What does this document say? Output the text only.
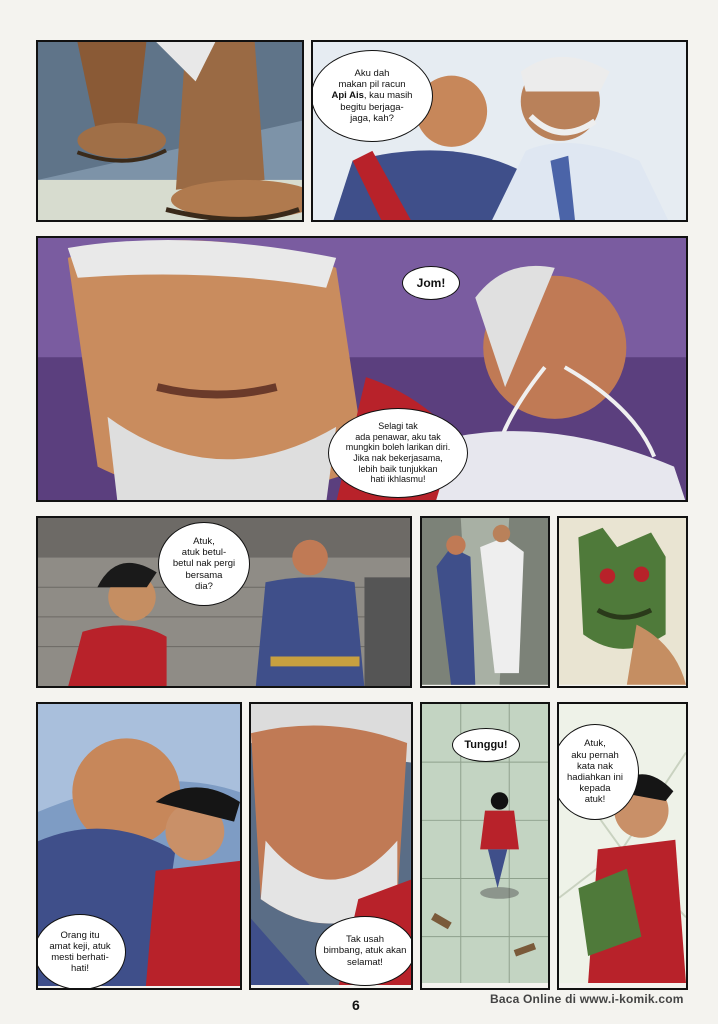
Aku dah
makan pil racun
Api Ais, kau masih
begitu berjaga-
jaga, kah?
Jom!
Selagi tak
ada penawar, aku tak
mungkin boleh larikan diri.
Jika nak bekerjasama,
lebih baik tunjukkan
hati ikhlasmu!
Atuk,
atuk betul-
betul nak pergi
bersama
dia?
Orang itu
amat keji, atuk
mesti berhati-
hati!
Tak usah
bimbang, atuk akan
selamat!
Tunggu!	Atuk,
aku pernah
kata nak
hadiahkan ini
kepada
atuk!
6	Baca Online di www.i-komik.com
